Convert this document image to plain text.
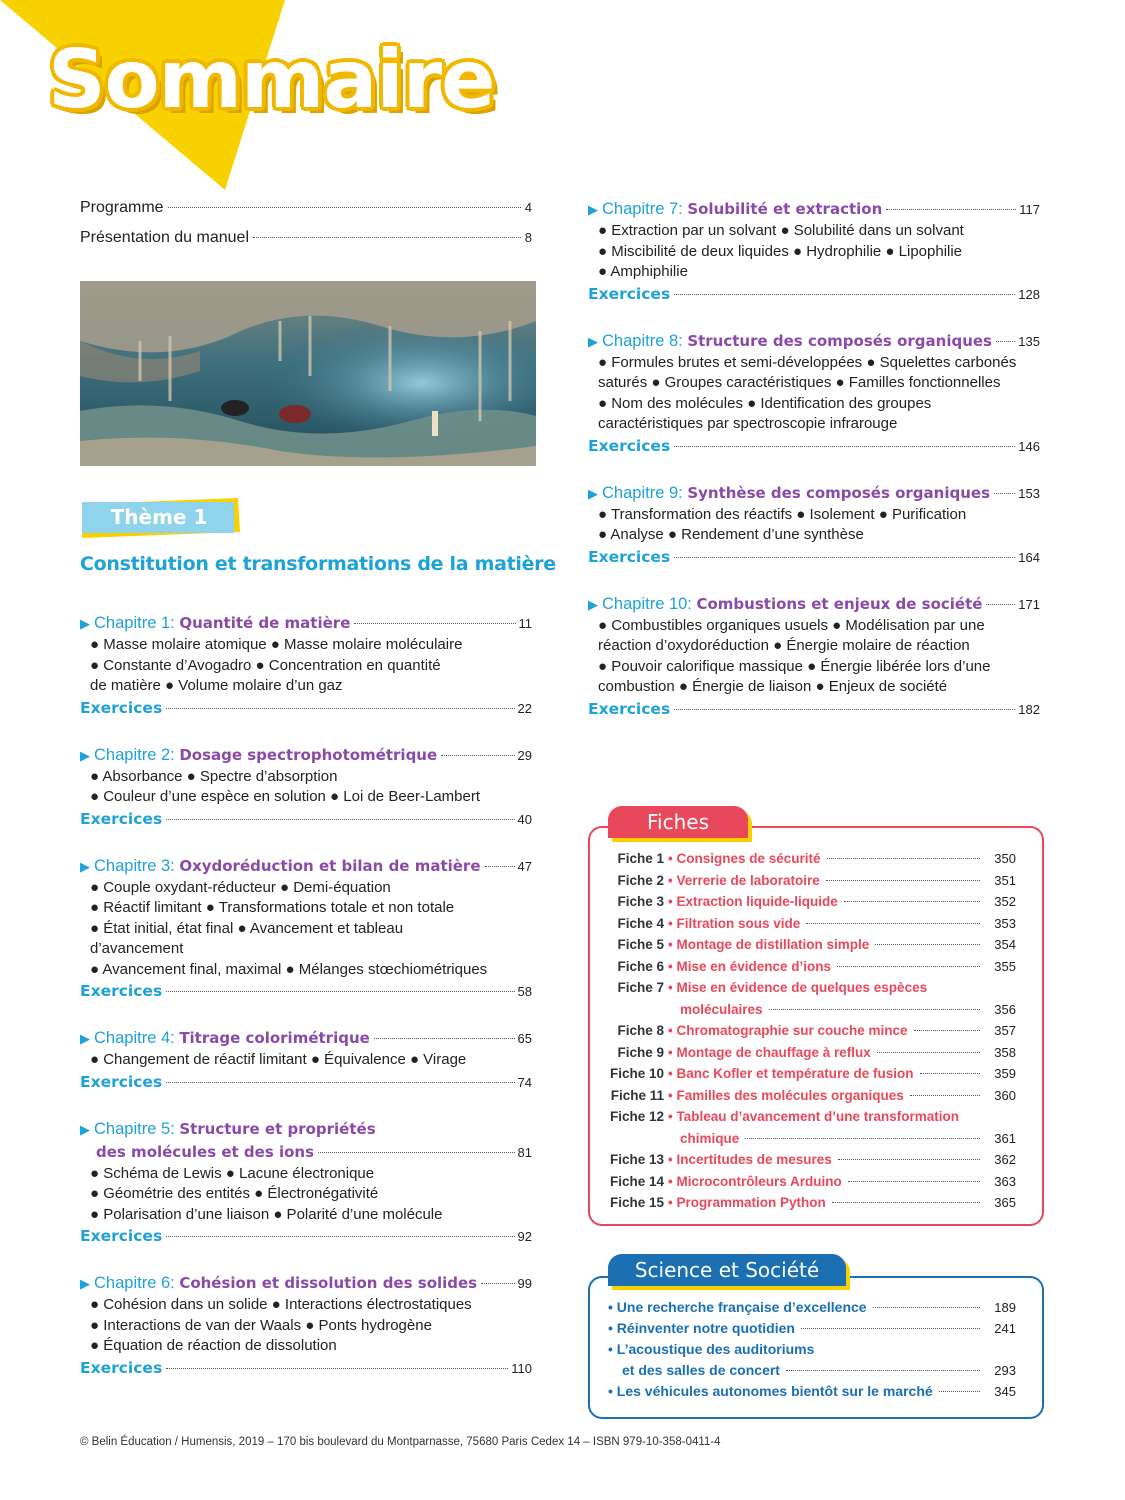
Sommaire
Programme	4
Présentation du manuel	8
Thème 1
Constitution et transformations de la matière
▶ Chapitre 1:
Quantité de matière	11
● Masse molaire atomique ● Masse molaire moléculaire
● Constante d’Avogadro ● Concentration en quantité
de matière ● Volume molaire d’un gaz
Exercices	22
▶ Chapitre 2:
Dosage spectrophotométrique	29
● Absorbance ● Spectre d’absorption
● Couleur d’une espèce en solution ● Loi de Beer-Lambert
Exercices	40
▶ Chapitre 3:
Oxydoréduction et bilan de matière	47
● Couple oxydant-réducteur ● Demi-équation
● Réactif limitant ● Transformations totale et non totale
● État initial, état final ● Avancement et tableau
d’avancement
● Avancement final, maximal ● Mélanges stœchiométriques
Exercices	58
▶ Chapitre 4:
Titrage colorimétrique	65
● Changement de réactif limitant ● Équivalence ● Virage
Exercices	74
▶ Chapitre 5:
Structure et propriétés
des molécules et des ions	81
● Schéma de Lewis ● Lacune électronique
● Géométrie des entités ● Électronégativité
● Polarisation d’une liaison ● Polarité d’une molécule
Exercices	92
▶ Chapitre 6:
Cohésion et dissolution des solides	99
● Cohésion dans un solide ● Interactions électrostatiques
● Interactions de van der Waals ● Ponts hydrogène
● Équation de réaction de dissolution
Exercices	110
▶ Chapitre 7:
Solubilité et extraction	117
● Extraction par un solvant ● Solubilité dans un solvant
● Miscibilité de deux liquides ● Hydrophilie ● Lipophilie
● Amphiphilie
Exercices	128
▶ Chapitre 8:
Structure des composés organiques 135
● Formules brutes et semi-développées ● Squelettes carbonés
saturés ● Groupes caractéristiques ● Familles fonctionnelles
● Nom des molécules ● Identification des groupes
caractéristiques par spectroscopie infrarouge
Exercices	146
▶ Chapitre 9:
Synthèse des composés organiques 153
● Transformation des réactifs ● Isolement ● Purification
● Analyse ● Rendement d’une synthèse
Exercices	164
▶ Chapitre 10:
Combustions et enjeux de société	171
● Combustibles organiques usuels ● Modélisation par une
réaction d’oxydoréduction ● Énergie molaire de réaction
● Pouvoir calorifique massique ● Énergie libérée lors d’une
combustion ● Énergie de liaison ● Enjeux de société
Exercices	182
Fiches
Fiche 1 • Consignes de sécurité	350
Fiche 2 • Verrerie de laboratoire	351
Fiche 3 • Extraction liquide-liquide	352
Fiche 4 • Filtration sous vide	353
Fiche 5 • Montage de distillation simple	354
Fiche 6 • Mise en évidence d’ions	355
Fiche 7 • Mise en évidence de quelques espèces
moléculaires	356
Fiche 8 • Chromatographie sur couche mince	357
Fiche 9 • Montage de chauffage à reflux	358
Fiche 10 • Banc Kofler et température de fusion	359
Fiche 11 • Familles des molécules organiques	360
Fiche 12 • Tableau d’avancement d’une transformation
chimique	361
Fiche 13 • Incertitudes de mesures	362
Fiche 14 • Microcontrôleurs Arduino	363
Fiche 15 • Programmation Python	365
Science et Société
• Une recherche française d’excellence	189
• Réinventer notre quotidien	241
• L’acoustique des auditoriums
et des salles de concert	293
• Les véhicules autonomes bientôt sur le marché	345
© Belin Éducation / Humensis, 2019 – 170 bis boulevard du Montparnasse, 75680 Paris Cedex 14 – ISBN 979-10-358-0411-4
